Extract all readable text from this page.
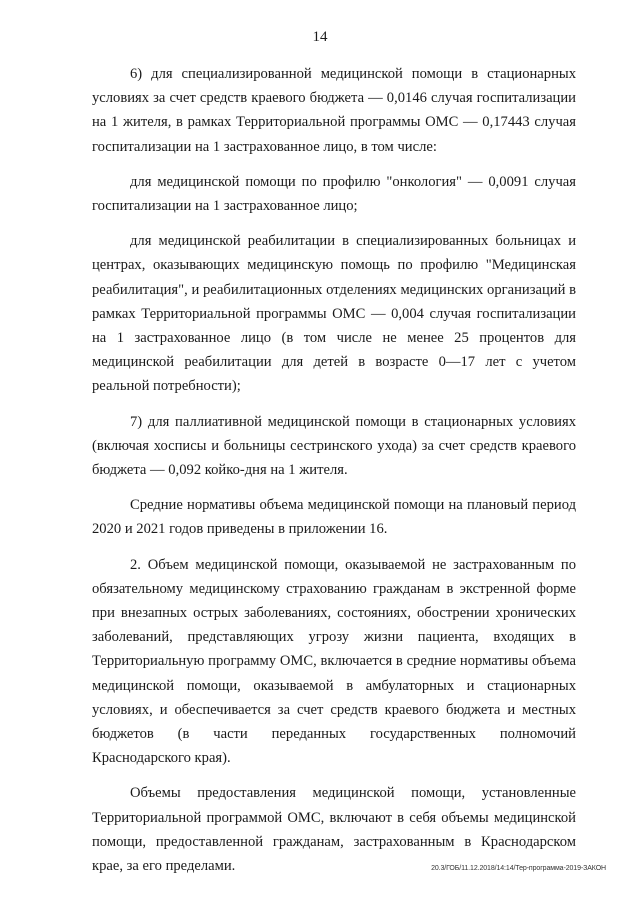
14

6) для специализированной медицинской помощи в стационарных условиях за счет средств краевого бюджета — 0,0146 случая госпитализации на 1 жителя, в рамках Территориальной программы ОМС — 0,17443 случая госпитализации на 1 застрахованное лицо, в том числе:

для медицинской помощи по профилю "онкология" — 0,0091 случая госпитализации на 1 застрахованное лицо;

для медицинской реабилитации в специализированных больницах и центрах, оказывающих медицинскую помощь по профилю "Медицинская реабилитация", и реабилитационных отделениях медицинских организаций в рамках Территориальной программы ОМС — 0,004 случая госпитализации на 1 застрахованное лицо (в том числе не менее 25 процентов для медицинской реабилитации для детей в возрасте 0—17 лет с учетом реальной потребности);

7) для паллиативной медицинской помощи в стационарных условиях (включая хосписы и больницы сестринского ухода) за счет средств краевого бюджета — 0,092 койко-дня на 1 жителя.

Средние нормативы объема медицинской помощи на плановый период 2020 и 2021 годов приведены в приложении 16.

2. Объем медицинской помощи, оказываемой не застрахованным по обязательному медицинскому страхованию гражданам в экстренной форме при внезапных острых заболеваниях, состояниях, обострении хронических заболеваний, представляющих угрозу жизни пациента, входящих в Территориальную программу ОМС, включается в средние нормативы объема медицинской помощи, оказываемой в амбулаторных и стационарных условиях, и обеспечивается за счет средств краевого бюджета и местных бюджетов (в части переданных государственных полномочий Краснодарского края).

Объемы предоставления медицинской помощи, установленные Территориальной программой ОМС, включают в себя объемы медицинской помощи, предоставленной гражданам, застрахованным в Краснодарском крае, за его пределами.	20.3/ГОБ/11.12.2018/14:14/Тер-программа-2019-ЗАКОН
